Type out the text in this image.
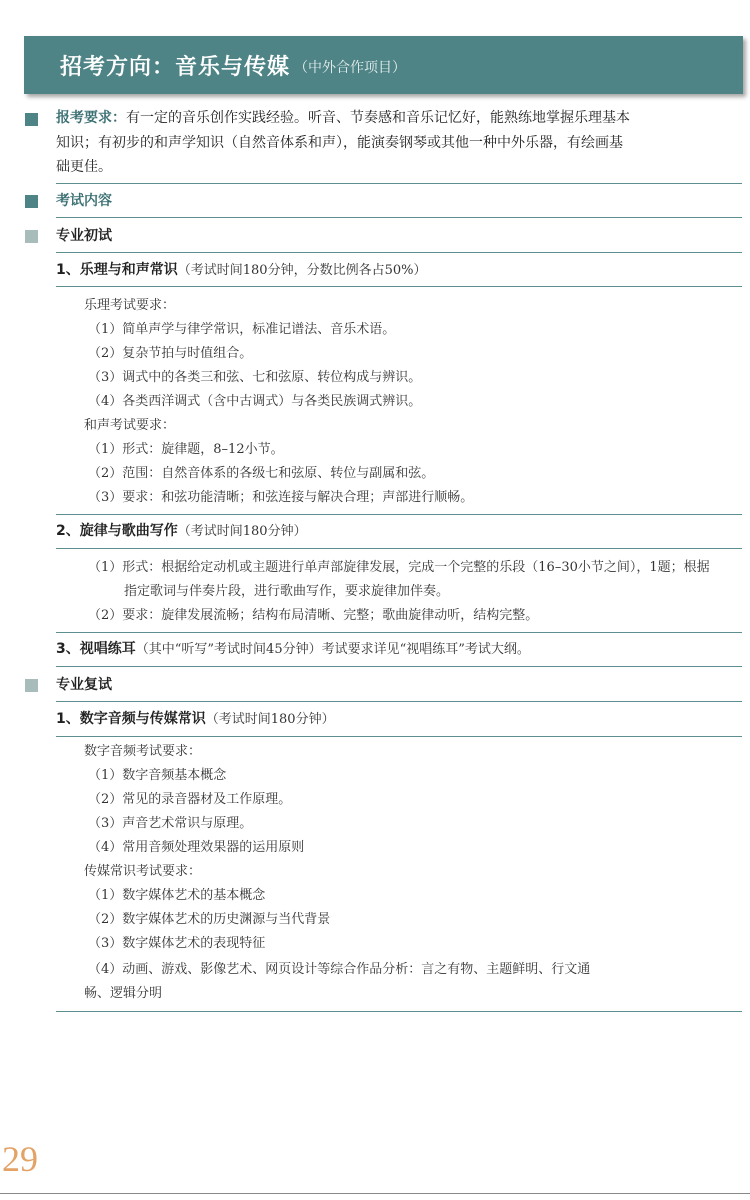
招考方向：音乐与传媒 （中外合作项目）
报考要求：有一定的音乐创作实践经验。听音、节奏感和音乐记忆好，能熟练地掌握乐理基本
知识；有初步的和声学知识（自然音体系和声），能演奏钢琴或其他一种中外乐器，有绘画基
础更佳。
考试内容
专业初试
1、乐理与和声常识（考试时间180分钟，分数比例各占50%）
乐理考试要求：
（1）简单声学与律学常识，标准记谱法、音乐术语。
（2）复杂节拍与时值组合。
（3）调式中的各类三和弦、七和弦原、转位构成与辨识。
（4）各类西洋调式（含中古调式）与各类民族调式辨识。
和声考试要求：
（1）形式：旋律题，8–12小节。
（2）范围：自然音体系的各级七和弦原、转位与副属和弦。
（3）要求：和弦功能清晰；和弦连接与解决合理；声部进行顺畅。
2、旋律与歌曲写作（考试时间180分钟）
（1）形式：根据给定动机或主题进行单声部旋律发展，完成一个完整的乐段（16–30小节之间），1题；根据指定歌词与伴奏片段，进行歌曲写作，要求旋律加伴奏。
（2）要求：旋律发展流畅；结构布局清晰、完整；歌曲旋律动听，结构完整。
3、视唱练耳（其中“听写”考试时间45分钟）考试要求详见“视唱练耳”考试大纲。
专业复试
1、数字音频与传媒常识（考试时间180分钟）
数字音频考试要求：
（1）数字音频基本概念
（2）常见的录音器材及工作原理。
（3）声音艺术常识与原理。
（4）常用音频处理效果器的运用原则
传媒常识考试要求：
（1）数字媒体艺术的基本概念
（2）数字媒体艺术的历史渊源与当代背景
（3）数字媒体艺术的表现特征
（4）动画、游戏、影像艺术、网页设计等综合作品分析：言之有物、主题鲜明、行文通
畅、逻辑分明
29
